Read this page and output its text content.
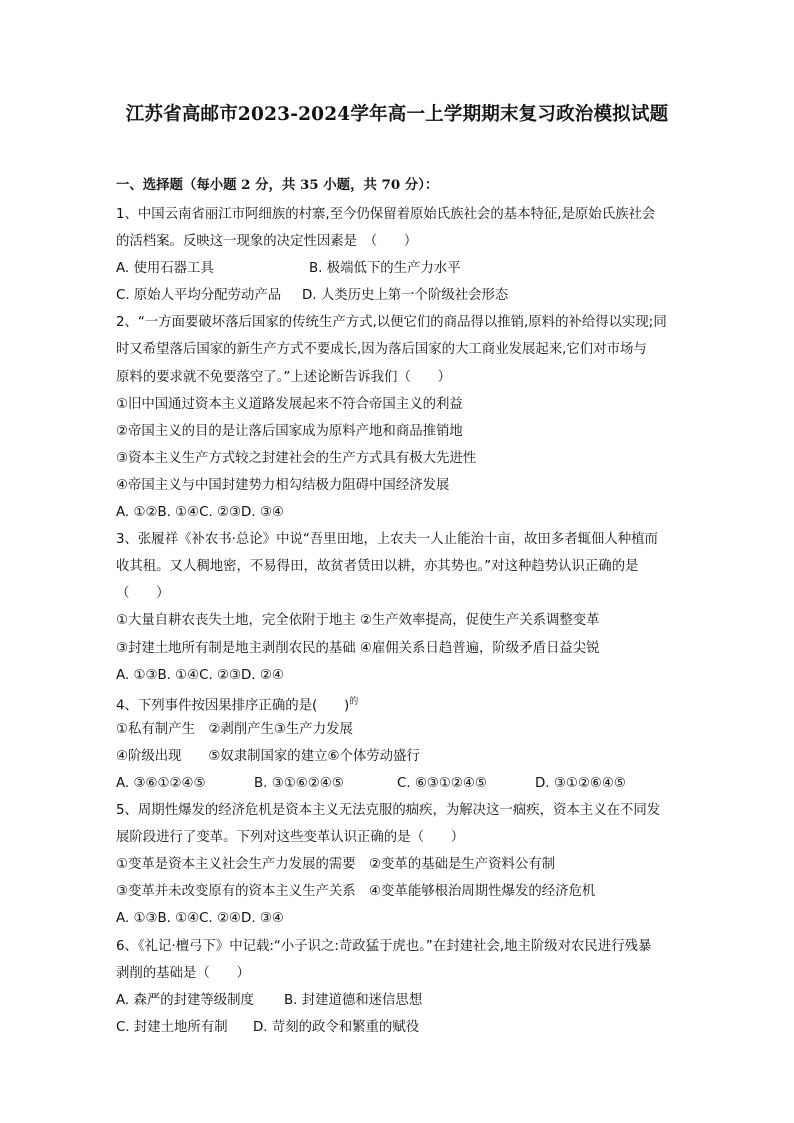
江苏省高邮市2023-2024学年高一上学期期末复习政治模拟试题
一、选择题（每小题 2 分，共 35 小题，共 70 分）：
1、中国云南省丽江市阿细族的村寨,至今仍保留着原始氏族社会的基本特征,是原始氏族社会
的活档案。反映这一现象的决定性因素是　（　　）
A. 使用石器工具	B. 极端低下的生产力水平
C. 原始人平均分配劳动产品 D. 人类历史上第一个阶级社会形态
2、“一方面要破坏落后国家的传统生产方式,以便它们的商品得以推销,原料的补给得以实现;同
时又希望落后国家的新生产方式不要成长,因为落后国家的大工商业发展起来,它们对市场与
原料的要求就不免要落空了。”上述论断告诉我们（　　）
①旧中国通过资本主义道路发展起来不符合帝国主义的利益
②帝国主义的目的是让落后国家成为原料产地和商品推销地
③资本主义生产方式较之封建社会的生产方式具有极大先进性
④帝国主义与中国封建势力相勾结极力阻碍中国经济发展
A. ①②B. ①④C. ②③D. ③④
3、张履祥《补农书·总论》中说“吾里田地，上农夫一人止能治十亩，故田多者辄佃人种植而
收其租。又人稠地密，不易得田，故贫者赁田以耕，亦其势也。”对这种趋势认识正确的是
（　　）
①大量自耕农丧失土地，完全依附于地主 ②生产效率提高，促使生产关系调整变革
③封建土地所有制是地主剥削农民的基础 ④雇佣关系日趋普遍，阶级矛盾日益尖锐
A. ①③B. ①④C. ②③D. ②④
4、下列事件按因果排序正确的是(　　)$^的$
①私有制产生　②剥削产生③生产力发展
④阶级出现　　⑤奴隶制国家的建立⑥个体劳动盛行
A. ③⑥①②④⑤	B. ③①⑥②④⑤	C. ⑥③①②④⑤	D. ③①②⑥④⑤
5、周期性爆发的经济危机是资本主义无法克服的痼疾，为解决这一痼疾，资本主义在不同发
展阶段进行了变革。下列对这些变革认识正确的是（　　）
①变革是资本主义社会生产力发展的需要　②变革的基础是生产资料公有制
③变革并未改变原有的资本主义生产关系　④变革能够根治周期性爆发的经济危机
A. ①③B. ①④C. ②④D. ③④
6、《礼记·檀弓下》中记载:“小子识之:苛政猛于虎也。”在封建社会,地主阶级对农民进行残暴
剥削的基础是（　　）
A. 森严的封建等级制度 B. 封建道德和迷信思想
C. 封建土地所有制 D. 苛刻的政令和繁重的赋役
